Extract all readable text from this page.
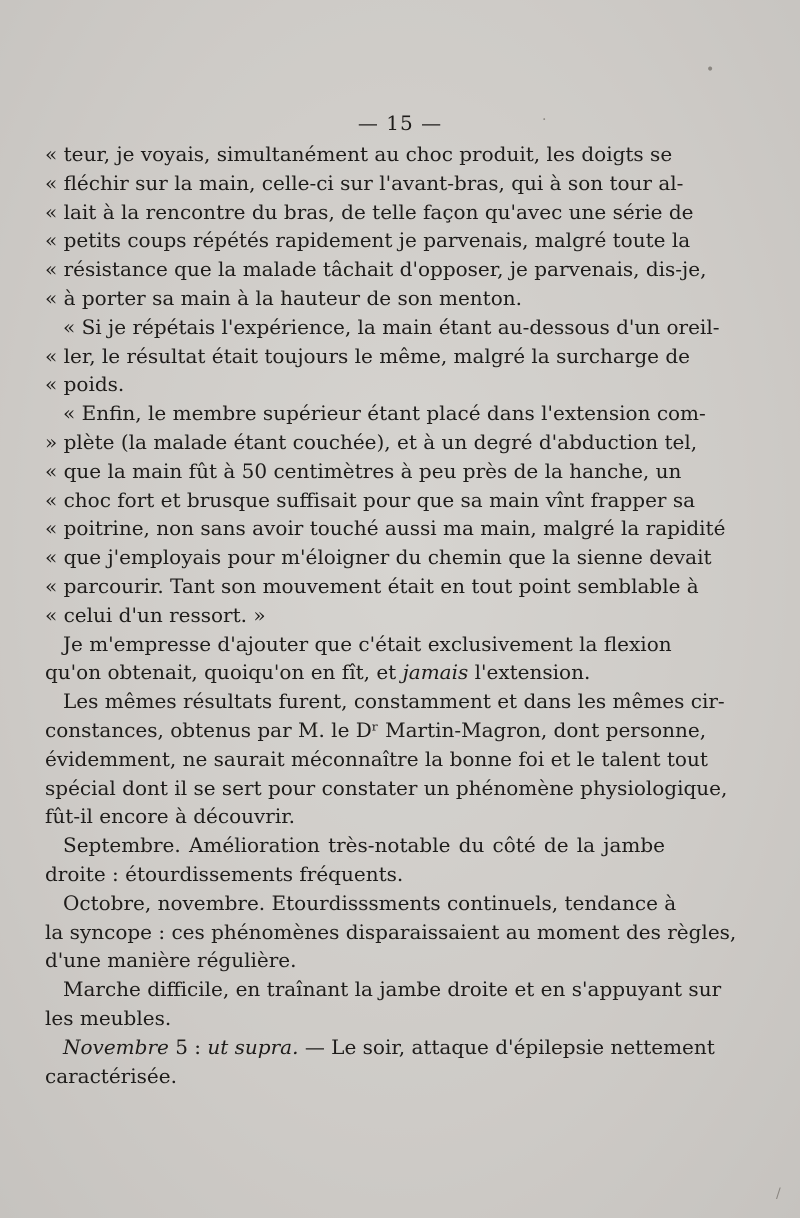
— 15 —
« teur, je voyais, simultanément au choc produit, les doigts se
« fléchir sur la main, celle-ci sur l'avant-bras, qui à son tour al-
« lait à la rencontre du bras, de telle façon qu'avec une série de
« petits coups répétés rapidement je parvenais, malgré toute la
« résistance que la malade tâchait d'opposer, je parvenais, dis-je,
« à porter sa main à la hauteur de son menton.
« Si je répétais l'expérience, la main étant au-dessous d'un oreil-
« ler, le résultat était toujours le même, malgré la surcharge de
« poids.
« Enfin, le membre supérieur étant placé dans l'extension com-
» plète (la malade étant couchée), et à un degré d'abduction tel,
« que la main fût à 50 centimètres à peu près de la hanche, un
« choc fort et brusque suffisait pour que sa main vînt frapper sa
« poitrine, non sans avoir touché aussi ma main, malgré la rapidité
« que j'employais pour m'éloigner du chemin que la sienne devait
« parcourir. Tant son mouvement était en tout point semblable à
« celui d'un ressort. »
Je m'empresse d'ajouter que c'était exclusivement la flexion
qu'on obtenait, quoiqu'on en fît, et jamais l'extension.
Les mêmes résultats furent, constamment et dans les mêmes cir-
constances, obtenus par M. le Dʳ Martin-Magron, dont personne,
évidemment, ne saurait méconnaître la bonne foi et le talent tout
spécial dont il se sert pour constater un phénomène physiologique,
fût-il encore à découvrir.
Septembre. Amélioration très-notable du côté de la jambe
droite : étourdissements fréquents.
Octobre, novembre. Etourdisssments continuels, tendance à
la syncope : ces phénomènes disparaissaient au moment des règles,
d'une manière régulière.
Marche difficile, en traînant la jambe droite et en s'appuyant sur
les meubles.
Novembre 5 : ut supra. — Le soir, attaque d'épilepsie nettement
caractérisée.
•
·
/
